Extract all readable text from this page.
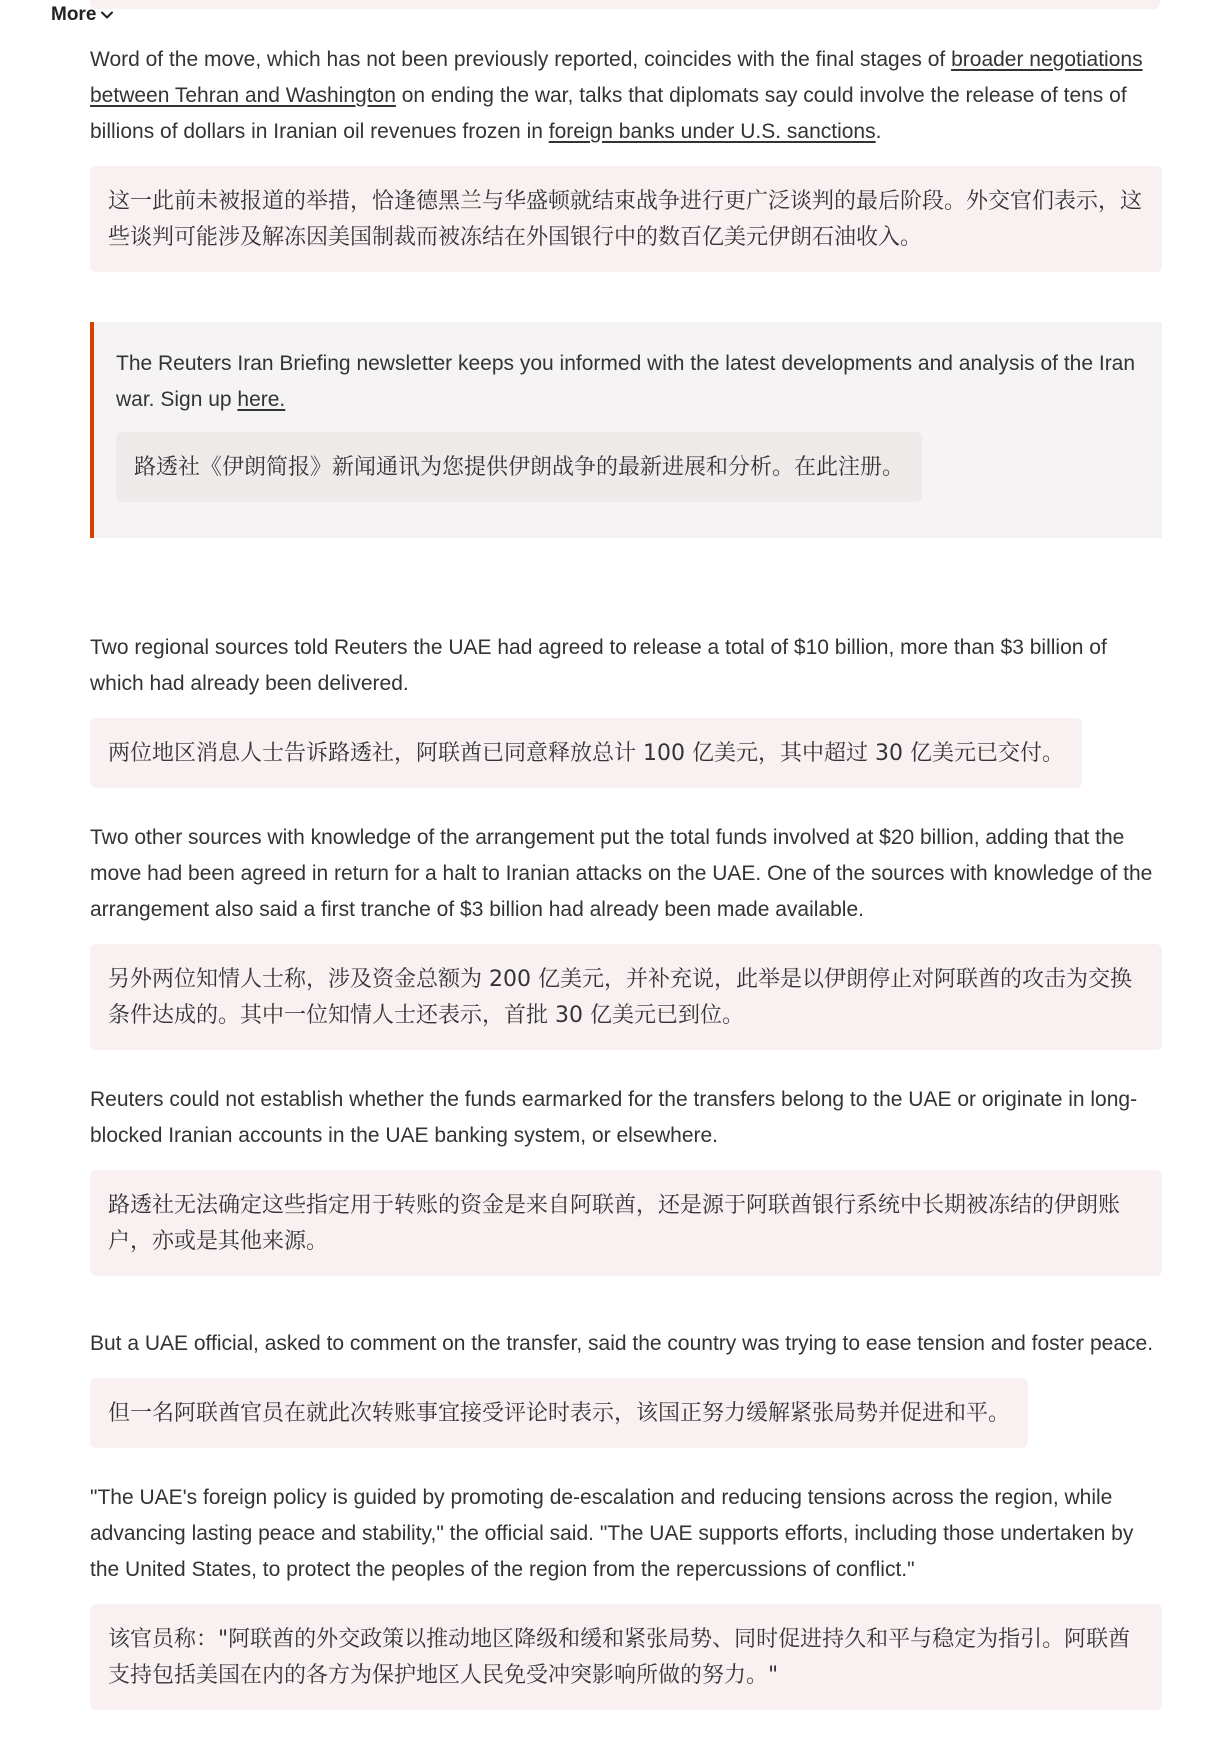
More

Word of the move, which has not been previously reported, coincides with the final stages of broader negotiations between Tehran and Washington on ending the war, talks that diplomats say could involve the release of tens of billions of dollars in Iranian oil revenues frozen in foreign banks under U.S. sanctions.

这一此前未被报道的举措，恰逢德黑兰与华盛顿就结束战争进行更广泛谈判的最后阶段。外交官们表示，这些谈判可能涉及解冻因美国制裁而被冻结在外国银行中的数百亿美元伊朗石油收入。

The Reuters Iran Briefing newsletter keeps you informed with the latest developments and analysis of the Iran war. Sign up here.

路透社《伊朗简报》新闻通讯为您提供伊朗战争的最新进展和分析。在此注册。

Two regional sources told Reuters the UAE had agreed to release a total of $10 billion, more than $3 billion of which had already been delivered.

两位地区消息人士告诉路透社，阿联酋已同意释放总计 100 亿美元，其中超过 30 亿美元已交付。

Two other sources with knowledge of the arrangement put the total funds involved at $20 billion, adding that the move had been agreed in return for a halt to Iranian attacks on the UAE. One of the sources with knowledge of the arrangement also said a first tranche of $3 billion had already been made available.

另外两位知情人士称，涉及资金总额为 200 亿美元，并补充说，此举是以伊朗停止对阿联酋的攻击为交换条件达成的。其中一位知情人士还表示，首批 30 亿美元已到位。

Reuters could not establish whether the funds earmarked for the transfers belong to the UAE or originate in long-blocked Iranian accounts in the UAE banking system, or elsewhere.

路透社无法确定这些指定用于转账的资金是来自阿联酋，还是源于阿联酋银行系统中长期被冻结的伊朗账户，亦或是其他来源。

But a UAE official, asked to comment on the transfer, said the country was trying to ease tension and foster peace.

但一名阿联酋官员在就此次转账事宜接受评论时表示，该国正努力缓解紧张局势并促进和平。

"The UAE's foreign policy is guided by promoting de-escalation and reducing tensions across the region, while advancing lasting peace and stability," the official said. "The UAE supports efforts, including those undertaken by the United States, to protect the peoples of the region from the repercussions of conflict."

该官员称："阿联酋的外交政策以推动地区降级和缓和紧张局势、同时促进持久和平与稳定为指引。阿联酋支持包括美国在内的各方为保护地区人民免受冲突影响所做的努力。"
